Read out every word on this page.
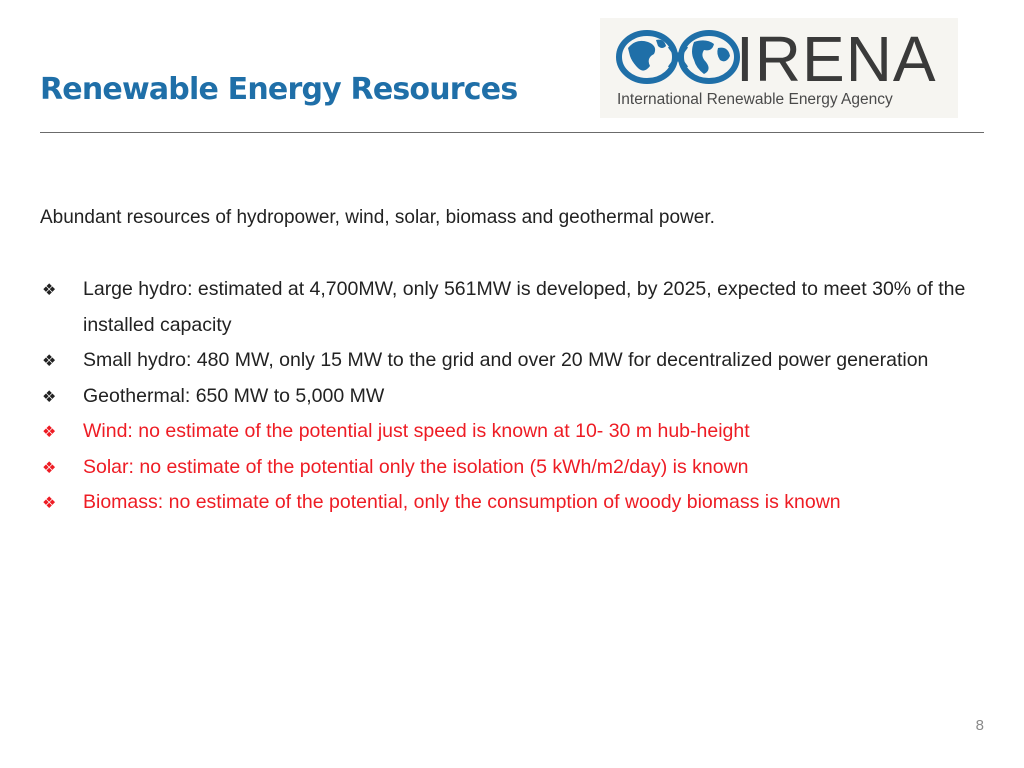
Renewable Energy Resources	IRENA
International Renewable Energy Agency
Abundant resources of hydropower, wind, solar, biomass and geothermal power.
❖ Large hydro: estimated at 4,700MW, only 561MW is developed, by 2025, expected to meet 30% of the installed capacity
❖ Small hydro: 480 MW, only 15 MW to the grid and over 20 MW for decentralized power generation
❖ Geothermal: 650 MW to 5,000 MW
❖ Wind: no estimate of the potential just speed is known at 10- 30 m hub-height
❖ Solar: no estimate of the potential only the isolation (5 kWh/m2/day) is known
❖ Biomass: no estimate of the potential, only the consumption of woody biomass is known
8
